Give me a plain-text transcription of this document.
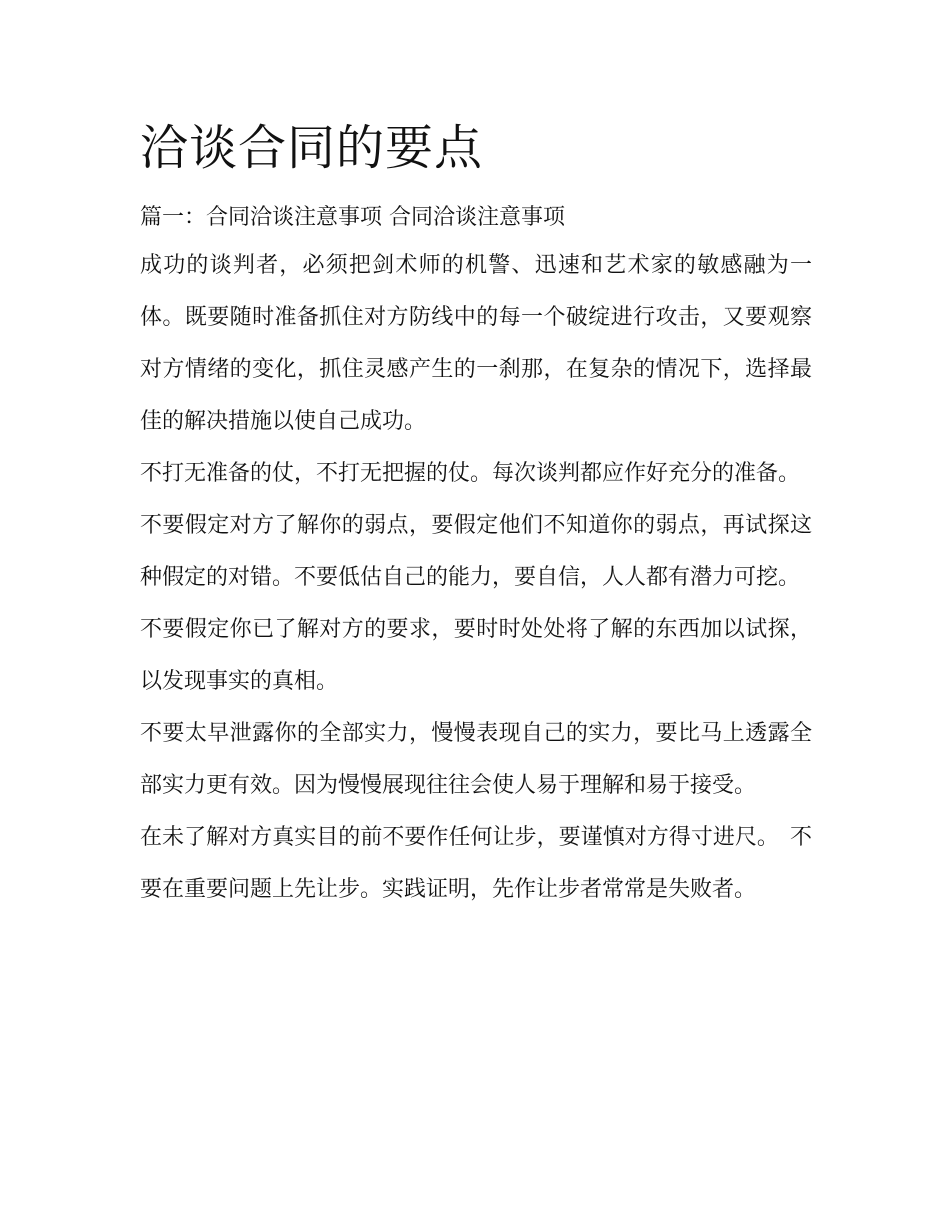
洽谈合同的要点

篇一：合同洽谈注意事项 合同洽谈注意事项

成功的谈判者，必须把剑术师的机警、迅速和艺术家的敏感融为一体。既要随时准备抓住对方防线中的每一个破绽进行攻击，又要观察对方情绪的变化，抓住灵感产生的一刹那，在复杂的情况下，选择最佳的解决措施以使自己成功。

不打无准备的仗，不打无把握的仗。每次谈判都应作好充分的准备。

不要假定对方了解你的弱点，要假定他们不知道你的弱点，再试探这种假定的对错。不要低估自己的能力，要自信，人人都有潜力可挖。

不要假定你已了解对方的要求，要时时处处将了解的东西加以试探，以发现事实的真相。

不要太早泄露你的全部实力，慢慢表现自己的实力，要比马上透露全部实力更有效。因为慢慢展现往往会使人易于理解和易于接受。

在未了解对方真实目的前不要作任何让步，要谨慎对方得寸进尺。　不要在重要问题上先让步。实践证明，先作让步者常常是失败者。
